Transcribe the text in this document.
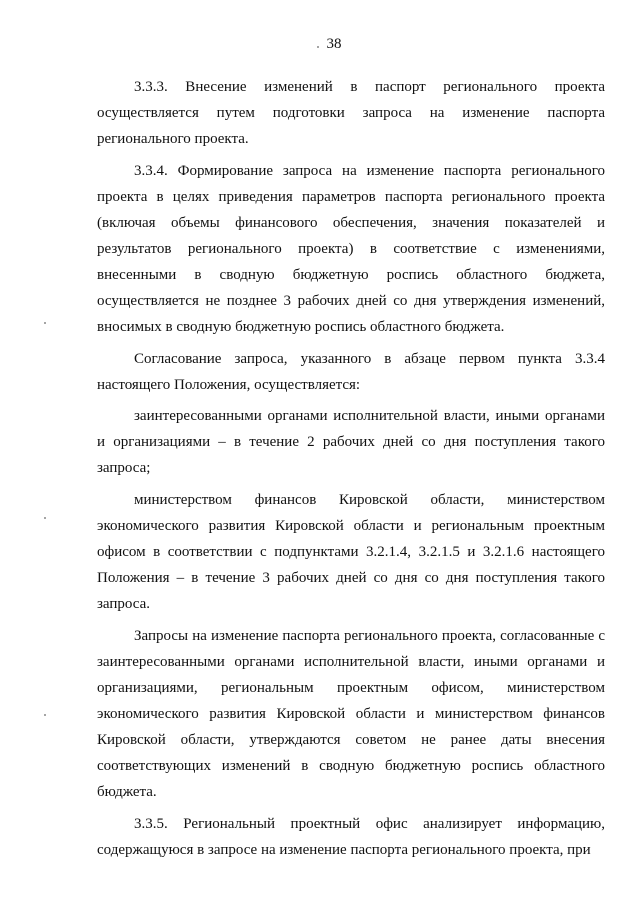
38

3.3.3. Внесение изменений в паспорт регионального проекта осуществляется путем подготовки запроса на изменение паспорта регионального проекта.

3.3.4. Формирование запроса на изменение паспорта регионального проекта в целях приведения параметров паспорта регионального проекта (включая объемы финансового обеспечения, значения показателей и результатов регионального проекта) в соответствие с изменениями, внесенными в сводную бюджетную роспись областного бюджета, осуществляется не позднее 3 рабочих дней со дня утверждения изменений, вносимых в сводную бюджетную роспись областного бюджета.

Согласование запроса, указанного в абзаце первом пункта 3.3.4 настоящего Положения, осуществляется:

заинтересованными органами исполнительной власти, иными органами и организациями – в течение 2 рабочих дней со дня поступления такого запроса;

министерством финансов Кировской области, министерством экономического развития Кировской области и региональным проектным офисом в соответствии с подпунктами 3.2.1.4, 3.2.1.5 и 3.2.1.6 настоящего Положения – в течение 3 рабочих дней со дня со дня поступления такого запроса.

Запросы на изменение паспорта регионального проекта, согласованные с заинтересованными органами исполнительной власти, иными органами и организациями, региональным проектным офисом, министерством экономического развития Кировской области и министерством финансов Кировской области, утверждаются советом не ранее даты внесения соответствующих изменений в сводную бюджетную роспись областного бюджета.

3.3.5. Региональный проектный офис анализирует информацию, содержащуюся в запросе на изменение паспорта регионального проекта, при
